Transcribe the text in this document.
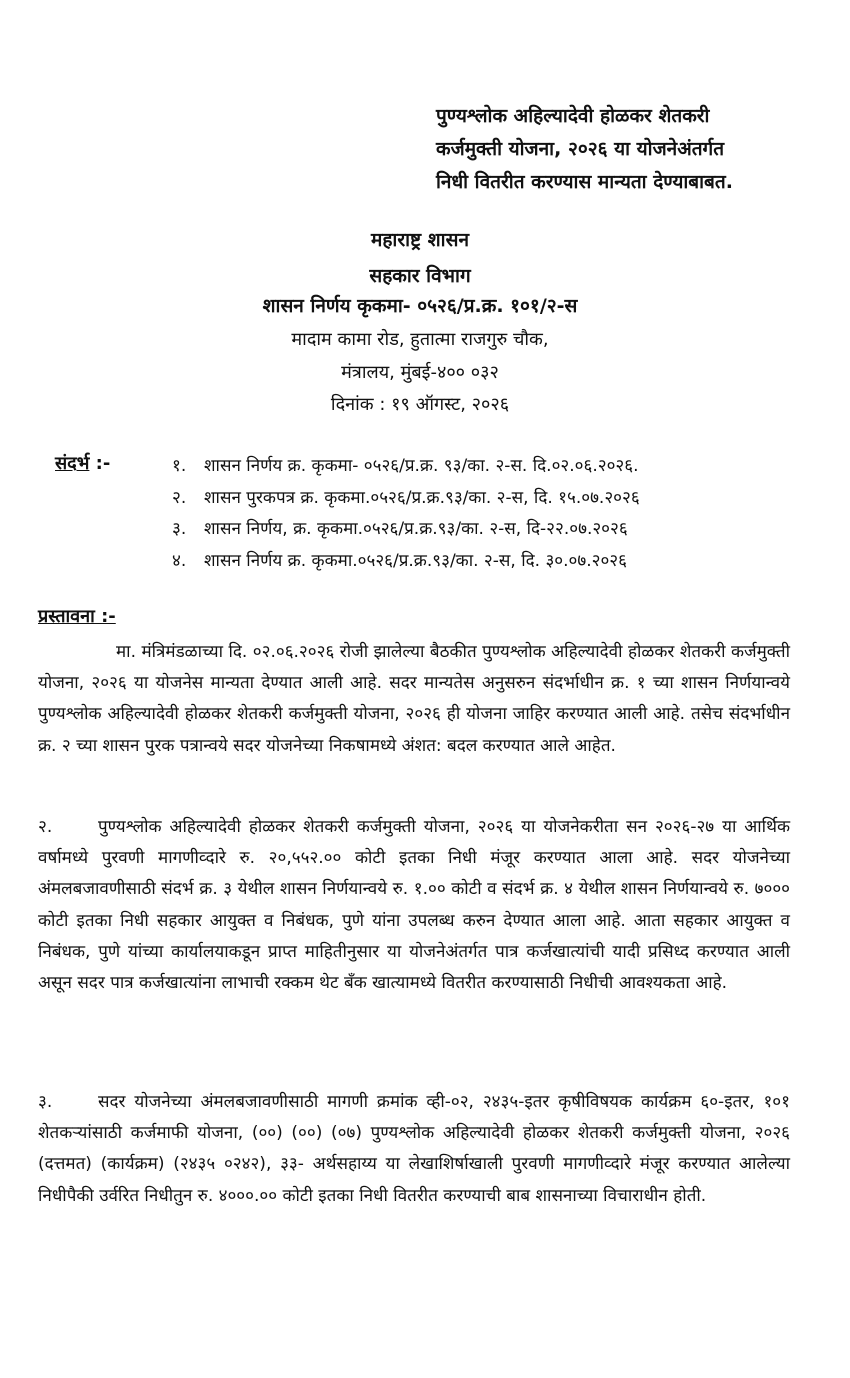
पुण्यश्लोक अहिल्यादेवी होळकर शेतकरी
कर्जमुक्ती योजना, २०२६ या योजनेअंतर्गत
निधी वितरीत करण्यास मान्यता देण्याबाबत.
महाराष्ट्र शासन
सहकार विभाग
शासन निर्णय कृकमा- ०५२६/प्र.क्र. १०१/२-स
मादाम कामा रोड, हुतात्मा राजगुरु चौक,
मंत्रालय, मुंबई-४०० ०३२
दिनांक : १९ ऑगस्ट, २०२६
संदर्भ :-	१. शासन निर्णय क्र. कृकमा- ०५२६/प्र.क्र. ९३/का. २-स. दि.०२.०६.२०२६.
२. शासन पुरकपत्र क्र. कृकमा.०५२६/प्र.क्र.९३/का. २-स, दि. १५.०७.२०२६
३. शासन निर्णय, क्र. कृकमा.०५२६/प्र.क्र.९३/का. २-स, दि-२२.०७.२०२६
४. शासन निर्णय क्र. कृकमा.०५२६/प्र.क्र.९३/का. २-स, दि. ३०.०७.२०२६
प्रस्तावना :-
मा. मंत्रिमंडळाच्या दि. ०२.०६.२०२६ रोजी झालेल्या बैठकीत पुण्यश्लोक अहिल्यादेवी होळकर शेतकरी कर्जमुक्ती योजना, २०२६ या योजनेस मान्यता देण्यात आली आहे. सदर मान्यतेस अनुसरुन संदर्भाधीन क्र. १ च्या शासन निर्णयान्वये पुण्यश्लोक अहिल्यादेवी होळकर शेतकरी कर्जमुक्ती योजना, २०२६ ही योजना जाहिर करण्यात आली आहे. तसेच संदर्भाधीन क्र. २ च्या शासन पुरक पत्रान्वये सदर योजनेच्या निकषामध्ये अंशत: बदल करण्यात आले आहेत.
२.	पुण्यश्लोक अहिल्यादेवी होळकर शेतकरी कर्जमुक्ती योजना, २०२६ या योजनेकरीता सन २०२६-२७ या आर्थिक वर्षामध्ये पुरवणी मागणीव्दारे रु. २०,५५२.०० कोटी इतका निधी मंजूर करण्यात आला आहे. सदर योजनेच्या अंमलबजावणीसाठी संदर्भ क्र. ३ येथील शासन निर्णयान्वये रु. १.०० कोटी व संदर्भ क्र. ४ येथील शासन निर्णयान्वये रु. ७००० कोटी इतका निधी सहकार आयुक्त व निबंधक, पुणे यांना उपलब्ध करुन देण्यात आला आहे. आता सहकार आयुक्त व निबंधक, पुणे यांच्या कार्यालयाकडून प्राप्त माहितीनुसार या योजनेअंतर्गत पात्र कर्जखात्यांची यादी प्रसिध्द करण्यात आली असून सदर पात्र कर्जखात्यांना लाभाची रक्कम थेट बँक खात्यामध्ये वितरीत करण्यासाठी निधीची आवश्यकता आहे.
३.	सदर योजनेच्या अंमलबजावणीसाठी मागणी क्रमांक व्ही-०२, २४३५-इतर कृषीविषयक कार्यक्रम ६०-इतर, १०१ शेतकऱ्यांसाठी कर्जमाफी योजना, (००) (००) (०७) पुण्यश्लोक अहिल्यादेवी होळकर शेतकरी कर्जमुक्ती योजना, २०२६ (दत्तमत) (कार्यक्रम) (२४३५ ०२४२), ३३- अर्थसहाय्य या लेखाशिर्षाखाली पुरवणी मागणीव्दारे मंजूर करण्यात आलेल्या निधीपैकी उर्वरित निधीतुन रु. ४०००.०० कोटी इतका निधी वितरीत करण्याची बाब शासनाच्या विचाराधीन होती.
